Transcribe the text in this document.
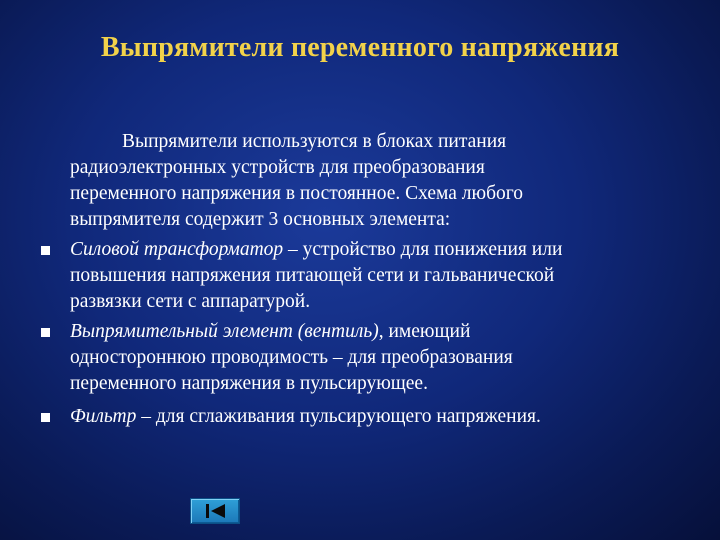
Выпрямители переменного напряжения
Выпрямители используются в блоках питания
радиоэлектронных устройств для преобразования
переменного напряжения в постоянное. Схема любого
выпрямителя содержит 3 основных элемента:
Силовой трансформатор – устройство для понижения или
повышения напряжения питающей сети и гальванической
развязки сети с аппаратурой.
Выпрямительный элемент (вентиль), имеющий
одностороннюю проводимость – для преобразования
переменного напряжения в пульсирующее.
Фильтр – для сглаживания пульсирующего напряжения.
